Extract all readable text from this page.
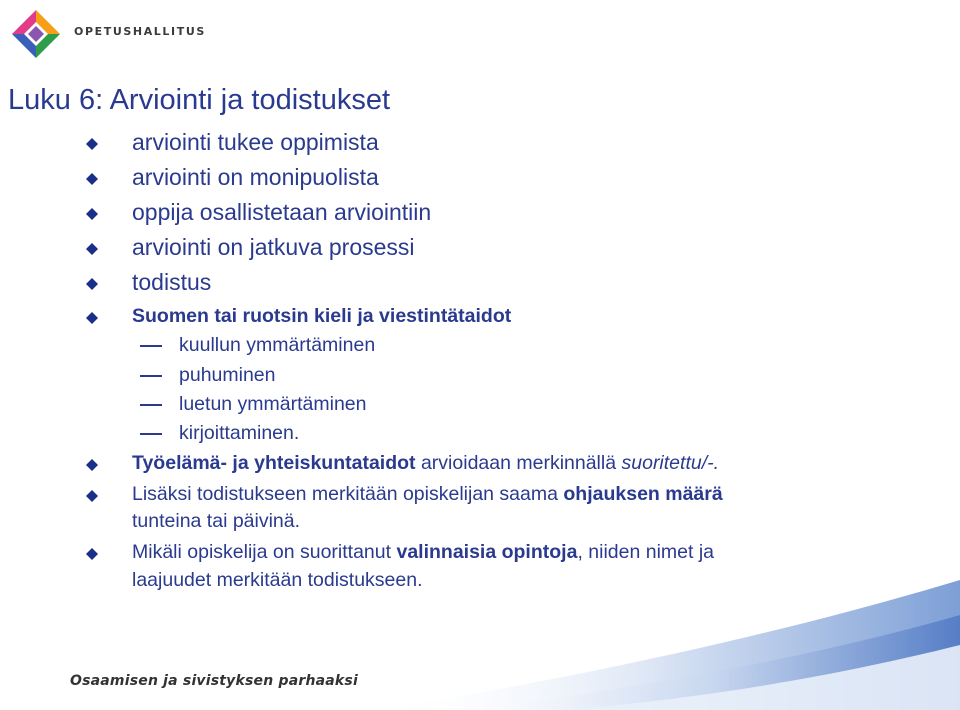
OPETUSHALLITUS
Luku 6: Arviointi ja todistukset
arviointi tukee oppimista
arviointi on monipuolista
oppija osallistetaan arviointiin
arviointi on jatkuva prosessi
todistus
Suomen tai ruotsin kieli ja viestintätaidot
kuullun ymmärtäminen
puhuminen
luetun ymmärtäminen
kirjoittaminen.
Työelämä- ja yhteiskuntataidot arvioidaan merkinnällä suoritettu/-.
Lisäksi todistukseen merkitään opiskelijan saama ohjauksen määrä
tunteina tai päivinä.
Mikäli opiskelija on suorittanut valinnaisia opintoja, niiden nimet ja
laajuudet merkitään todistukseen.
Osaamisen ja sivistyksen parhaaksi
